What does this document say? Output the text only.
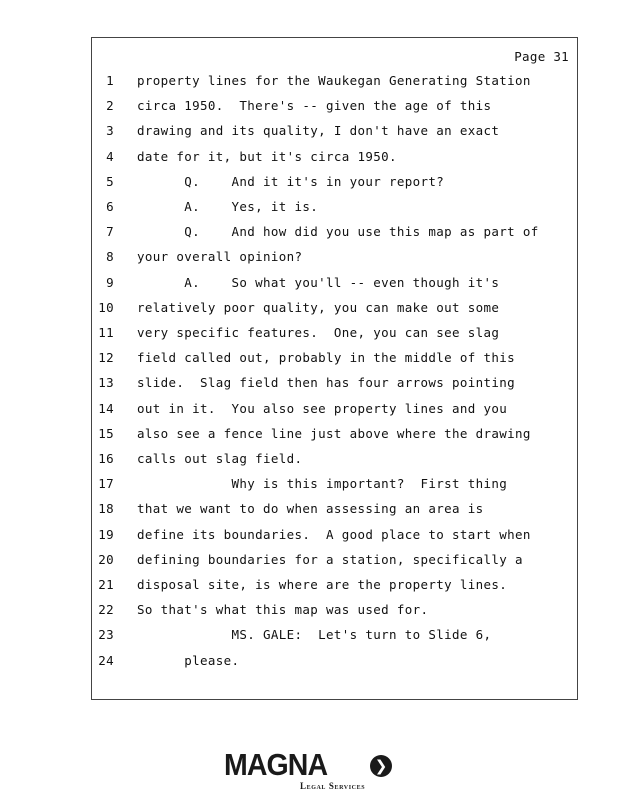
Page 31
1 property lines for the Waukegan Generating Station
2 circa 1950.  There's -- given the age of this
3 drawing and its quality, I don't have an exact
4 date for it, but it's circa 1950.
5 Q.    And it it's in your report?
6 A.    Yes, it is.
7 Q.    And how did you use this map as part of
8 your overall opinion?
9 A.    So what you'll -- even though it's
10 relatively poor quality, you can make out some
11 very specific features.  One, you can see slag
12 field called out, probably in the middle of this
13 slide.  Slag field then has four arrows pointing
14 out in it.  You also see property lines and you
15 also see a fence line just above where the drawing
16 calls out slag field.
17 Why is this important?  First thing
18 that we want to do when assessing an area is
19 define its boundaries.  A good place to start when
20 defining boundaries for a station, specifically a
21 disposal site, is where are the property lines.
22 So that's what this map was used for.
23 MS. GALE:  Let's turn to Slide 6,
24 please.
MAGNA	❯
Legal Services
